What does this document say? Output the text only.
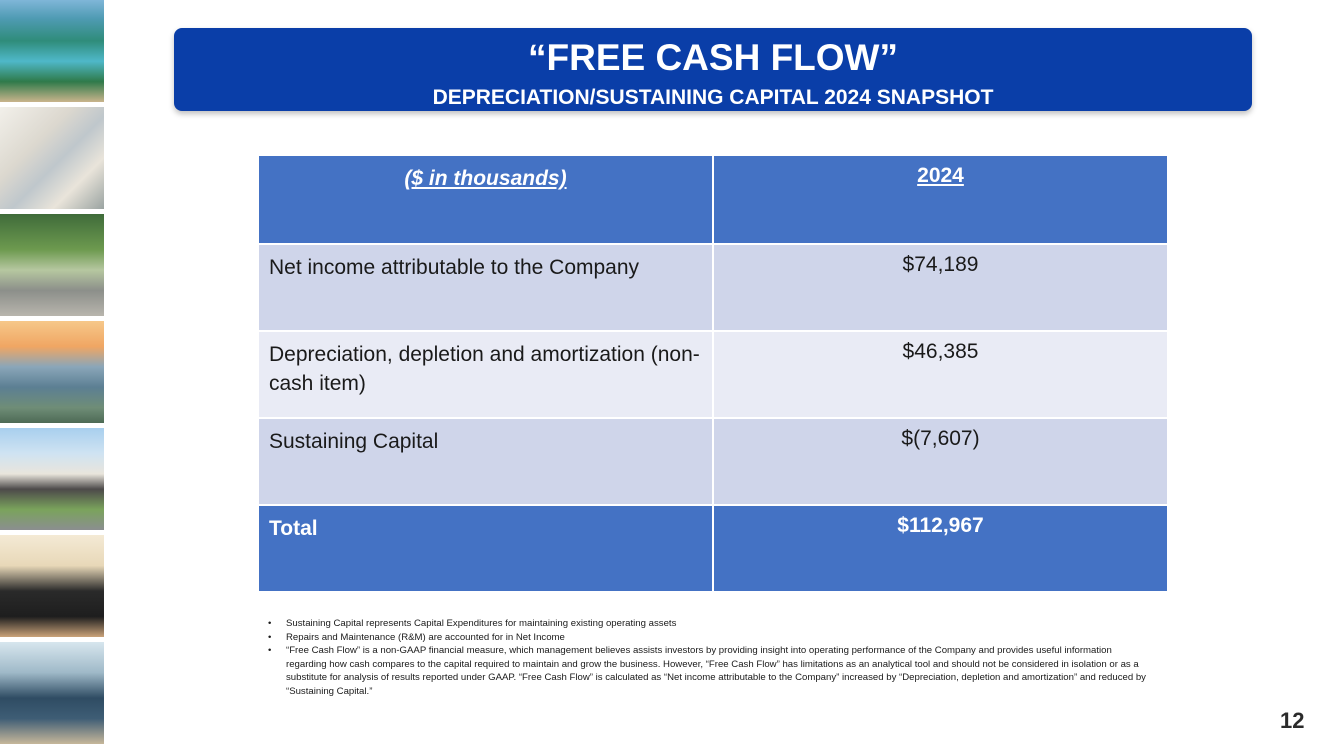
“FREE CASH FLOW”
DEPRECIATION/SUSTAINING CAPITAL 2024 SNAPSHOT
($ in thousands)	2024
Net income attributable to the Company	$74,189
Depreciation, depletion and amortization (non-cash item)	$46,385
Sustaining Capital	$(7,607)
Total	$112,967
• Sustaining Capital represents Capital Expenditures for maintaining existing operating assets
• Repairs and Maintenance (R&M) are accounted for in Net Income
• “Free Cash Flow” is a non-GAAP financial measure, which management believes assists investors by providing insight into operating performance of the Company and provides useful information regarding how cash compares to the capital required to maintain and grow the business. However, “Free Cash Flow” has limitations as an analytical tool and should not be considered in isolation or as a substitute for analysis of results reported under GAAP. “Free Cash Flow” is calculated as “Net income attributable to the Company” increased by “Depreciation, depletion and amortization” and reduced by “Sustaining Capital.”
12
